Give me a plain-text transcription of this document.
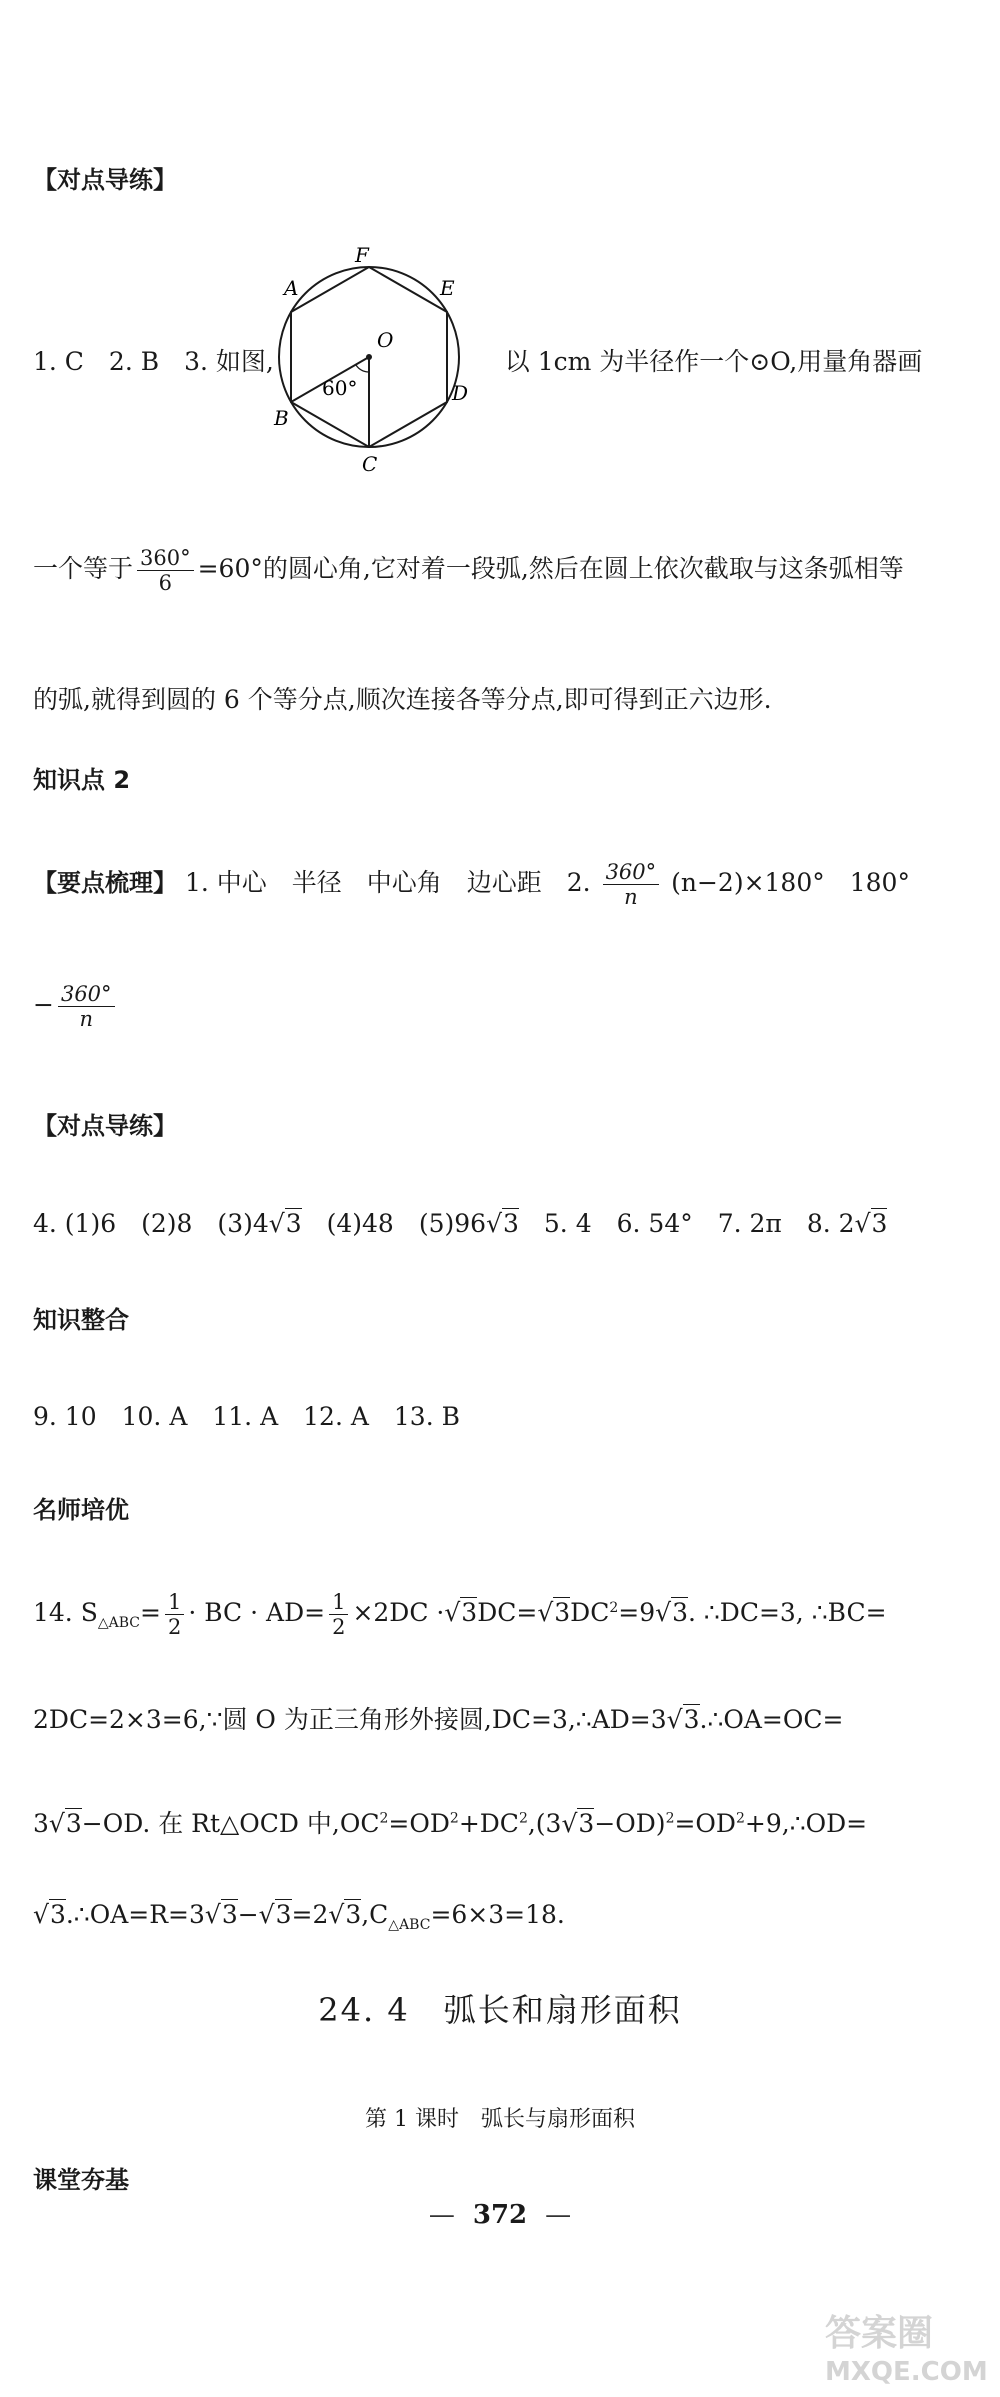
【对点导练】
1. C　2. B　3. 如图,	以 1cm 为半径作一个⊙O,用量角器画
A
F
E
O
B
D
C
60°
一个等于 $\frac{360^\circ}{6} =60^\circ$的圆心角,它对着一段弧,然后在圆上依次截取与这条弧相等
的弧,就得到圆的 6 个等分点,顺次连接各等分点,即可得到正六边形.
知识点 2
【要点梳理】 1. 中心　半径　中心角　边心距　2. $\frac{360^\circ}{n} (n-2)\times 180^\circ$　180°
− $\frac{360^\circ}{n}$
【对点导练】
4. (1)6　(2)8　(3)4√3　(4)48　(5)96√3　5. 4　6. 54°　7. 2π　8. 2√3
知识整合
9. 10　10. A　11. A　12. A　13. B
名师培优
14. $S_{\triangle ABC}= \frac{1}{2}$ · BC · $AD= \frac{1}{2} \times 2DC \cdot√3DC=√3DC^2=9√3$. ∴DC=3, ∴BC=
2DC=2×3=6,∵圆 O 为正三角形外接圆,DC=3,∴AD=3√3.∴OA=OC=
3√3−OD. 在 Rt△OCD 中$,OC^2=OD^2+DC^2,(3√3-OD)^2=OD^2+9,\therefore OD=$
$√3.\therefore OA=R=3√3-√3=2√3,C_{\triangle ABC}=6\times 3=18$.
24. 4　弧长和扇形面积
第 1 课时　弧长与扇形面积
课堂夯基
— 372 —
答案圈
MXQE.COM
